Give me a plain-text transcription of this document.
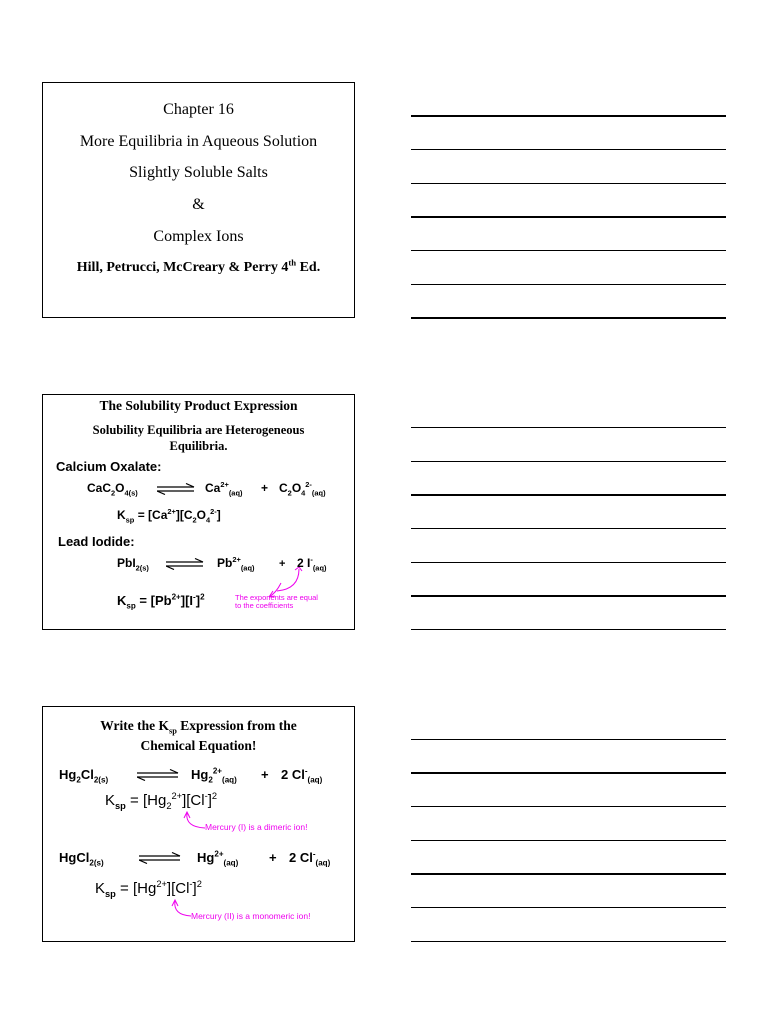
Chapter 16
More Equilibria in Aqueous Solution
Slightly Soluble Salts
&
Complex Ions
Hill, Petrucci, McCreary & Perry 4th Ed.
The Solubility Product Expression
Solubility Equilibria are Heterogeneous
Equilibria.
Calcium Oxalate:
$CaC_2O_{4(s)}$ ⇌ $Ca^{2+}_{(aq)} + C_2O_4^{2-}_{(aq)}$
$K_{sp} = [Ca^{2+}][C_2O_4^{2-}]$
Lead Iodide:
PbI$_{2(s)}$ ⇌ $Pb^{2+}_{(aq)} + 2$ $I^-_{(aq)}$
$K_{sp} = [Pb^{2+}][I^-]^2$	The exponents are equal
to the coefficients
Write the $K_{sp}$ Expression from the
Chemical Equation!
$Hg_2Cl_{2(s)}$ ⇌ $Hg_2^{2+}_{(aq)} + 2$ $Cl^-_{(aq)}$
$K_{sp} = [Hg_2^{2+}][Cl^-]^2$
Mercury (I) is a dimeric ion!
HgCl$_{2(s)}$ ⇌ $Hg^{2+}_{(aq)} + 2$ $Cl^-_{(aq)}$
$K_{sp} = [Hg^{2+}][Cl^-]^2$
Mercury (II) is a monomeric ion!
